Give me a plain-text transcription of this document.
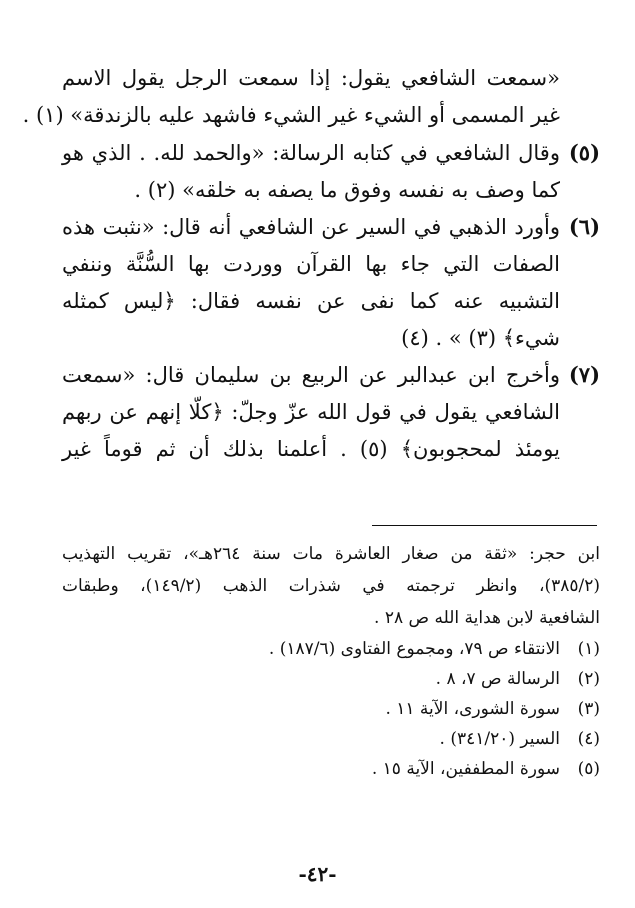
«سمعت الشافعي يقول: إذا سمعت الرجل يقول الاسم
غير المسمى أو الشيء غير الشيء فاشهد عليه بالزندقة» (١) .
(٥)
وقال الشافعي في كتابه الرسالة: «والحمد لله. . الذي هو
كما وصف به نفسه وفوق ما يصفه به خلقه» (٢) .
(٦)
وأورد الذهبي في السير عن الشافعي أنه قال: «نثبت هذه
الصفات التي جاء بها القرآن ووردت بها السُّنَّة وننفي
التشبيه عنه كما نفى عن نفسه فقال: ﴿ليس كمثله
شيء﴾ (٣) » . (٤)
(٧)
وأخرج ابن عبدالبر عن الربيع بن سليمان قال: «سمعت
الشافعي يقول في قول الله عزّ وجلّ: ﴿كلّا إنهم عن ربهم
يومئذ لمحجوبون﴾ (٥) . أعلمنا بذلك أن ثم قوماً غير
ابن حجر: «ثقة من صغار العاشرة مات سنة ٢٦٤هـ»، تقريب التهذيب
(٣٨٥/٢)، وانظر ترجمته في شذرات الذهب (١٤٩/٢)، وطبقات
الشافعية لابن هداية الله ص ٢٨ .
(١)
الانتقاء ص ٧٩، ومجموع الفتاوى (١٨٧/٦) .
(٢)
الرسالة ص ٧، ٨ .
(٣)
سورة الشورى، الآية ١١ .
(٤)
السير (٣٤١/٢٠) .
(٥)
سورة المطففين، الآية ١٥ .
-٤٢-
